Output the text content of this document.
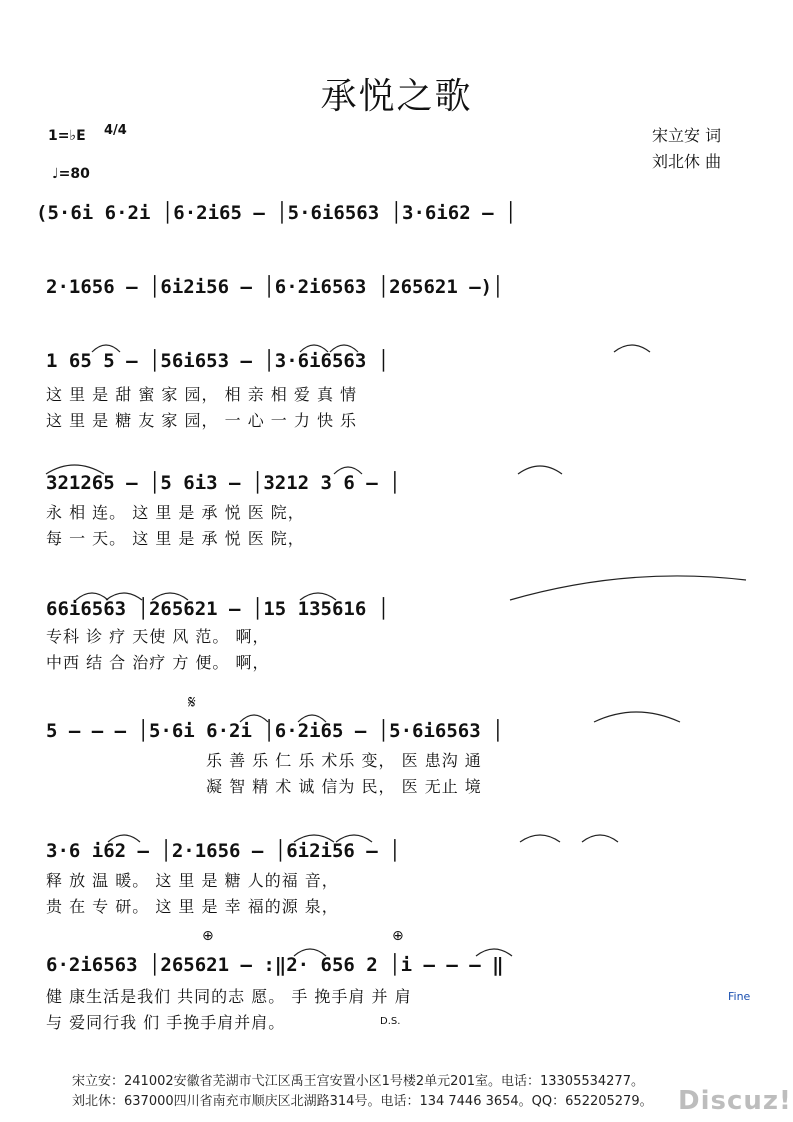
承悦之歌
1=♭E 4/4
♩=80
宋立安 词
刘北休 曲
(5·6i 6·2i │6·2i65 – │5·6i6563 │3·6i62 – │
2·1656 – │6i2i56 – │6·2i6563 │265621 –)│
1 65 5 – │56i653 – │3·6i6563 │
这 里 是 甜 蜜 家 园， 相 亲 相 爱 真 情
这 里 是 糖 友 家 园， 一 心 一 力 快 乐
321265 – │5 6i3 – │3212 3 6 – │
永 相 连。 这 里 是 承 悦 医 院，
每 一 天。 这 里 是 承 悦 医 院，
66i6563 │265621 – │15 135616 │
专科 诊 疗 天使 风 范。 啊，
中西 结 合 治疗 方 便。 啊，
5 – – – │5·6i 6·2i │6·2i65 – │5·6i6563 │
乐 善 乐 仁 乐 术乐 变， 医 患沟 通
凝 智 精 术 诚 信为 民， 医 无止 境
𝄋
3·6 i62 – │2·1656 – │6i2i56 – │
释 放 温 暖。 这 里 是 糖 人的福 音，
贵 在 专 研。 这 里 是 幸 福的源 泉，
6·2i6563 │265621 – :‖2· 656 2 │i – – – ‖
健 康生活是我们 共同的志 愿。 手 挽手肩 并 肩
与 爱同行我 们 手挽手肩并肩。
⊕	⊕
Fine
D.S.
宋立安：241002安徽省芜湖市弋江区禹王宫安置小区1号楼2单元201室。电话：13305534277。
刘北休：637000四川省南充市顺庆区北湖路314号。电话：134 7446 3654。QQ：652205279。 Discuz!
